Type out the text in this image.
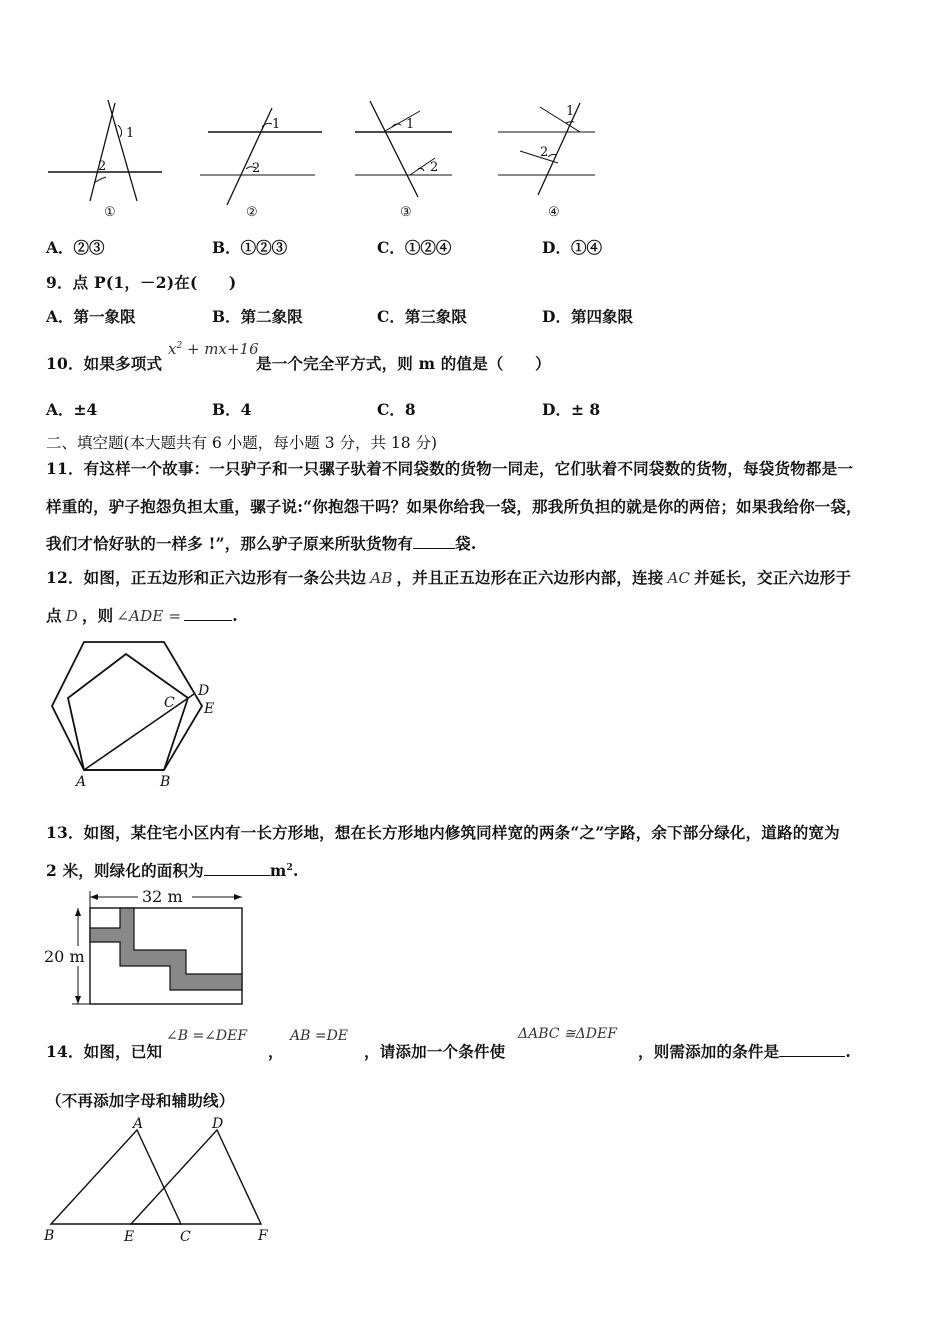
1
2
①
1
2
②
1
2
③
1
2
④
A．②③	B．①②③	C．①②④	D．①④
9．点 P(1，－2)在(　　)
A．第一象限	B．第二象限	C．第三象限	D．第四象限
10．如果多项式
$x^2 + mx+16$
是一个完全平方式，则 m 的值是（　　）
A．±4	B．4	C．8	D．± 8
二、填空题(本大题共有 6 小题，每小题 3 分，共 18 分)
11．有这样一个故事：一只驴子和一只骡子驮着不同袋数的货物一同走，它们驮着不同袋数的货物，每袋货物都是一
样重的，驴子抱怨负担太重，骡子说:“你抱怨干吗？如果你给我一袋，那我所负担的就是你的两倍；如果我给你一袋，
我们才恰好驮的一样多 !”，那么驴子原来所驮货物有	袋.
12．如图，正五边形和正六边形有一条公共边 AB ，并且正五边形在正六边形内部，连接 AC 并延长，交正六边形于
点 D ，则 ∠ADE =	.
A	B
C
D
E
13．如图，某住宅小区内有一长方形地，想在长方形地内修筑同样宽的两条“之”字路，余下部分绿化，道路的宽为
2 米，则绿化的面积为	$m^2$.
32 m
20 m
14．如图，已知
∠B =∠DEF
，
AB =DE
，请添加一个条件使
ΔABC ≅ΔDEF
，则需添加的条件是	.
（不再添加字母和辅助线）
A
B	C
D
E	F
